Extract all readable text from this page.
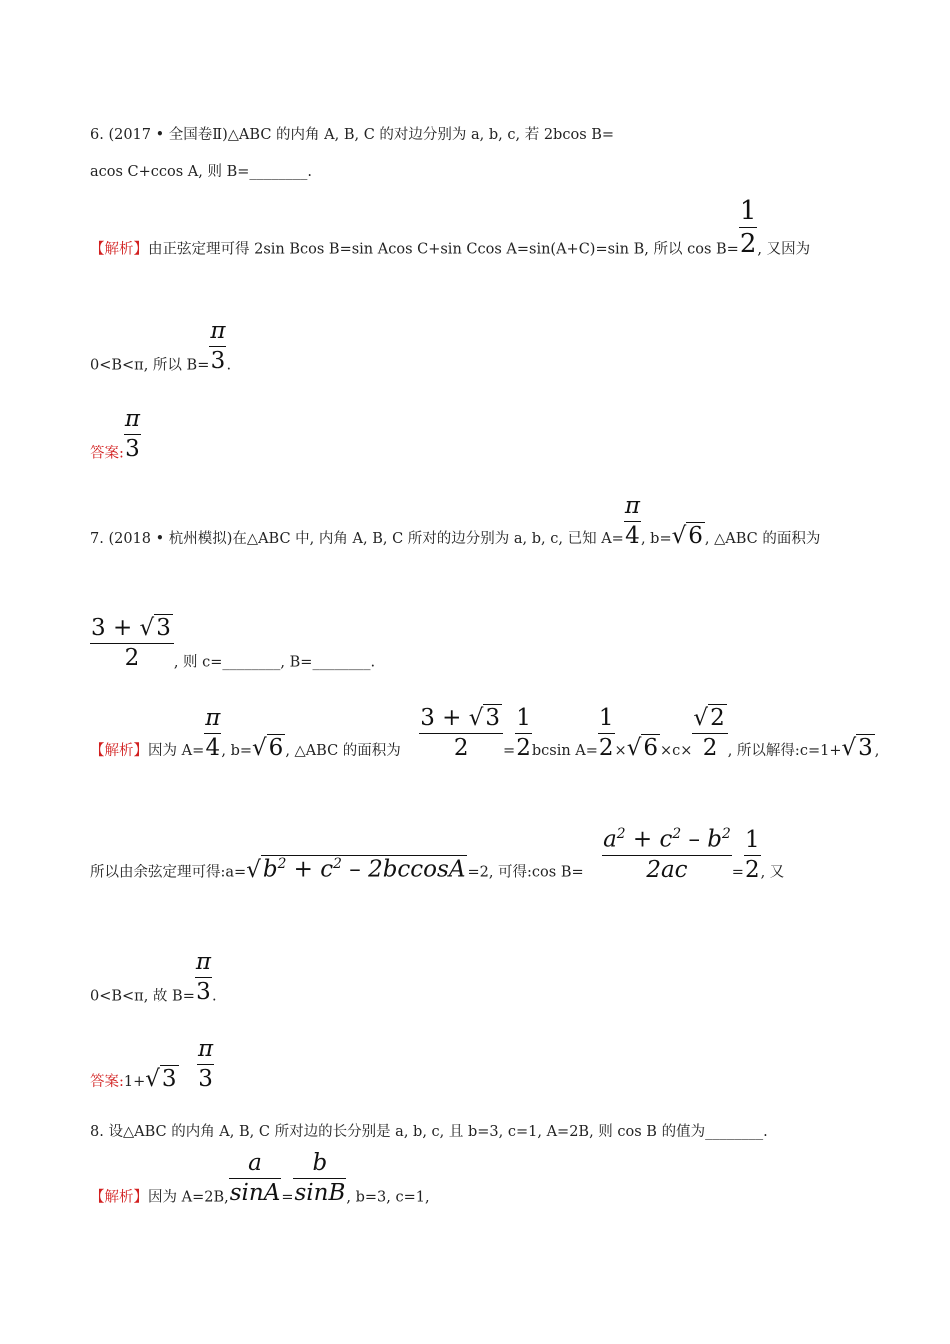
6. (2017 • 全国卷Ⅱ)△ABC 的内角 A, B, C 的对边分别为 a, b, c, 若 2bcos B=
acos C+ccos A, 则 B=________.
【解析】由正弦定理可得 2sin Bcos B=sin Acos C+sin Ccos A=sin(A+C)=sin B, 所以 $\cos B= \frac{1}{2}$ , 又因为
0<B<π, 所以 $B= \frac{\pi}{3}$ .
答案: $\frac{\pi}{3}$
7. (2018 • 杭州模拟)在△ABC 中, 内角 A, B, C 所对的边分别为 a, b, c, 已知 $A= \frac{\pi}{4}$ , b=√6 , △ABC 的面积为
$\frac{3 + √3}{2}$ , 则 c=________, B=________.
【解析】因为 $A= \frac{\pi}{4}$ , b=√6 , △ABC 的面积为 $\frac{3 + √3}{2} = \frac{1}{2}$ bcsin $A= \frac{1}{2} \times√6 \times c\times \frac{√2}{2}$ , 所以解得:c=1+√3 ,
所以由余弦定理可得$:a=√b^2 + c^2 - 2bccosA =2$, 可得:cos $B= \frac{a^2 + c^2 - b^2}{2ac} = \frac{1}{2}$ , 又
0<B<π, 故 $B= \frac{\pi}{3}$ .
答案:1+√3 $\frac{\pi}{3}$
8. 设△ABC 的内角 A, B, C 所对边的长分别是 a, b, c, 且 b=3, c=1, A=2B, 则 cos B 的值为________.
【解析】因为 A=2B, $\frac{a}{\sin A} = \frac{b}{\sin B}$ , b=3, c=1,
